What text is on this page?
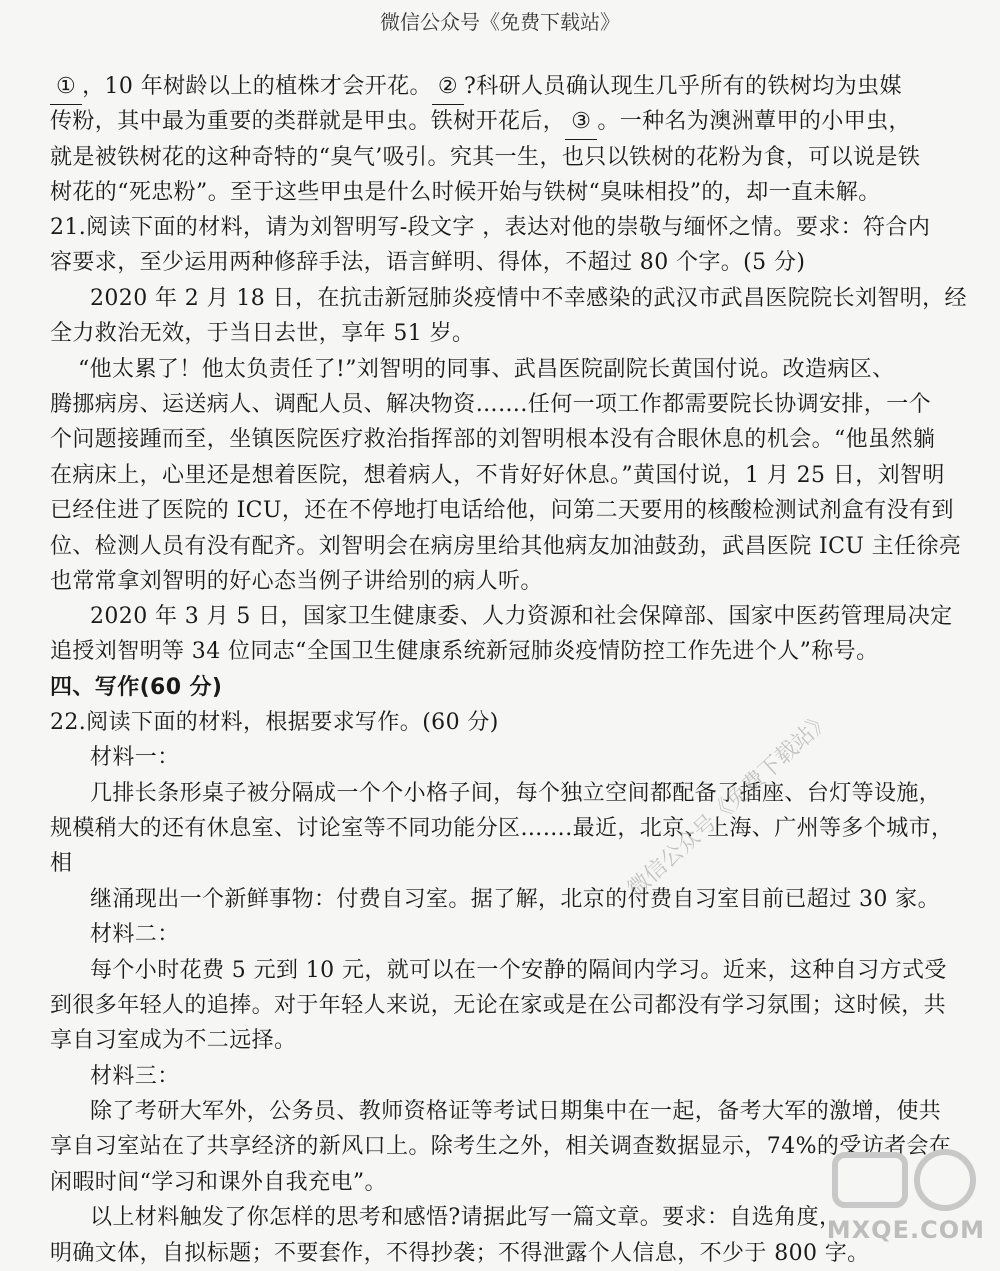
微信公众号《免费下载站》
① ，10 年树龄以上的植株才会开花。 ② ?科研人员确认现生几乎所有的铁树均为虫媒
传粉，其中最为重要的类群就是甲虫。铁树开花后， ③ 。一种名为澳洲蕈甲的小甲虫，
就是被铁树花的这种奇特的“臭气’吸引。究其一生，也只以铁树的花粉为食，可以说是铁
树花的“死忠粉”。至于这些甲虫是什么时候开始与铁树“臭味相投”的，却一直未解。
21.阅读下面的材料，请为刘智明写-段文字 ，表达对他的崇敬与缅怀之情。要求：符合内
容要求，至少运用两种修辞手法，语言鲜明、得体，不超过 80 个字。(5 分)
2020 年 2 月 18 日，在抗击新冠肺炎疫情中不幸感染的武汉市武昌医院院长刘智明，经
全力救治无效，于当日去世，享年 51 岁。
“他太累了！他太负责任了!”刘智明的同事、武昌医院副院长黄国付说。改造病区、
腾挪病房、运送病人、调配人员、解决物资…….任何一项工作都需要院长协调安排，一个
个问题接踵而至，坐镇医院医疗救治指挥部的刘智明根本没有合眼休息的机会。“他虽然躺
在病床上，心里还是想着医院，想着病人，不肯好好休息。”黄国付说，1 月 25 日，刘智明
已经住进了医院的 ICU，还在不停地打电话给他，问第二天要用的核酸检测试剂盒有没有到
位、检测人员有没有配齐。刘智明会在病房里给其他病友加油鼓劲，武昌医院 ICU 主任徐亮
也常常拿刘智明的好心态当例子讲给别的病人听。
2020 年 3 月 5 日，国家卫生健康委、人力资源和社会保障部、国家中医药管理局决定
追授刘智明等 34 位同志“全国卫生健康系统新冠肺炎疫情防控工作先进个人”称号。
四、写作(60 分)
22.阅读下面的材料，根据要求写作。(60 分)
材料一：
几排长条形桌子被分隔成一个个小格子间，每个独立空间都配备了插座、台灯等设施，
规模稍大的还有休息室、讨论室等不同功能分区…….最近，北京、上海、广州等多个城市，
相
继涌现出一个新鲜事物：付费自习室。据了解，北京的付费自习室目前已超过 30 家。
材料二：
每个小时花费 5 元到 10 元，就可以在一个安静的隔间内学习。近来，这种自习方式受
到很多年轻人的追捧。对于年轻人来说，无论在家或是在公司都没有学习氛围；这时候，共
享自习室成为不二远择。
材料三：
除了考研大军外，公务员、教师资格证等考试日期集中在一起，备考大军的激增，使共
享自习室站在了共享经济的新风口上。除考生之外，相关调查数据显示，74%的受访者会在
闲暇时间“学习和课外自我充电”。
以上材料触发了你怎样的思考和感悟?请据此写一篇文章。要求：自选角度，
明确文体，自拟标题；不要套作，不得抄袭；不得泄露个人信息，不少于 800 字。
微信公众号《免费下载站》
MXQE.COM
